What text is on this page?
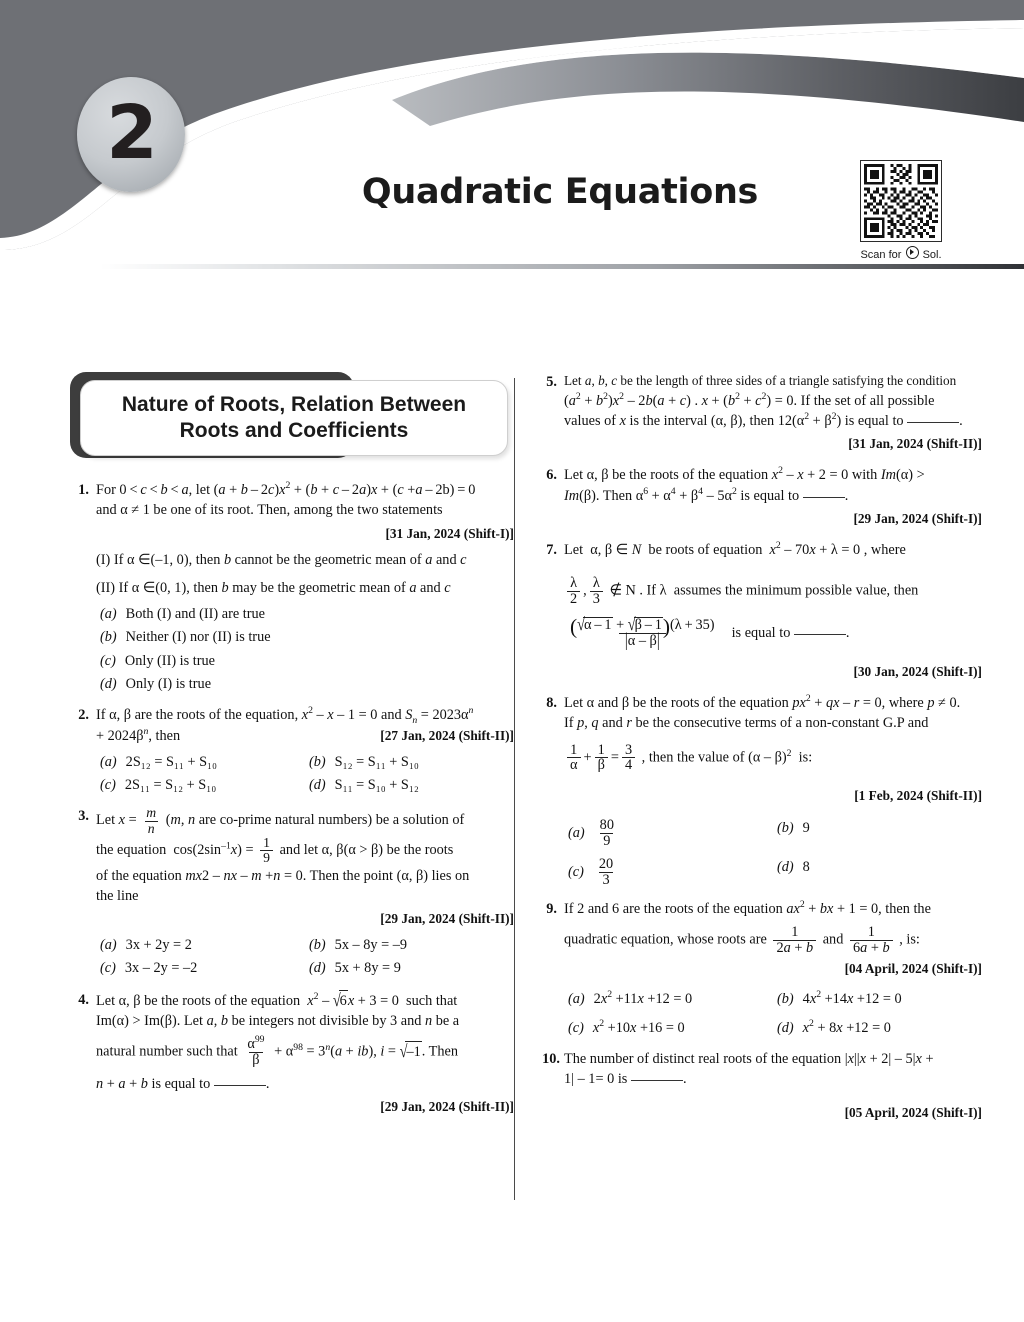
2
Quadratic Equations
Scan for Sol.
Nature of Roots, Relation Between
Roots and Coefficients
1. For 0 < c < b < a, let $(a + b - 2c)x^2 + (b + c - 2a)x + (c +a - 2b) = 0$
and α ≠ 1 be one of its root. Then, among the two statements
[31 Jan, 2024 (Shift-I)]
(I) If α ∈(–1, 0), then b cannot be the geometric mean of a and c
(II) If α ∈(0, 1), then b may be the geometric mean of a and c
(a) Both (I) and (II) are true
(b) Neither (I) nor (II) is true
(c) Only (II) is true
(d) Only (I) is true
2. If α, β are the roots of the equation, $x^2 - x - 1 = 0$ and $S_n = 2023\alpha^n$
+ $2024\beta^n$, then	[27 Jan, 2024 (Shift-II)]
(a) 2S₁₂ = S₁₁ + S₁₀	(b) S₁₂ = S₁₁ + S₁₀
(c) 2S₁₁ = S₁₂ + S₁₀	(d) S₁₁ = S₁₀ + S₁₂
3. Let $x = \frac{m}{n} (m$, n are co-prime natural numbers) be a solution of
the equation  $\cos(2\sin^{-1}x) = \frac{1}{9}$ and let α, β(α > β) be the roots
of the equation mx2 – nx – m +n = 0. Then the point (α, β) lies on
the line
[29 Jan, 2024 (Shift-II)]
(a) 3x + 2y = 2	(b) 5x – 8y = –9
(c) 3x – 2y = –2	(d) 5x + 8y = 9
4. Let α, β be the roots of the equation  $x^2 - √6x + 3 = 0$  such that
Im(α) > Im(β). Let a, b be integers not divisible by 3 and n be a
natural number such that $\frac{\alpha^{99}}{\beta} + \alpha^{98} = 3^n(a + ib)$, i = √–1. Then
n + a + b is equal to	.
[29 Jan, 2024 (Shift-II)]
5. Let a, b, c be the length of three sides of a triangle satisfying the condition
$(a^2 + b^2)x^2 - 2b(a + c)$ . $x + (b^2 + c^2) = 0$. If the set of all possible
values of x is the interval (α, β), then $12(\alpha^2 + \beta^2)$ is equal to	.
[31 Jan, 2024 (Shift-II)]
6. Let α, β be the roots of the equation $x^2 - x + 2 = 0$ with Im(α) >
Im(β). Then $\alpha^6 + \alpha^4 + \beta^4 - 5\alpha^2$ is equal to	.
[29 Jan, 2024 (Shift-I)]
7. Let  α, β ∈ N  be roots of equation  $x^2 - 70x + \lambda = 0$ , where
$\frac{\lambda}{2}$ , $\frac{\lambda}{3}$ ∉ N . If λ  assumes the minimum possible value, then
$\frac{(√\alpha - 1 + √\beta - 1)(\lambda + 35)}{|\alpha - \beta|}$ is equal to	.
[30 Jan, 2024 (Shift-I)]
8. Let α and β be the roots of the equation $px^2$ + qx – r = 0, where p ≠ 0.
If p, q and r be the consecutive terms of a non-constant G.P and
$\frac{1}{\alpha} + \frac{1}{\beta} = \frac{3}{4}$ , then the value of (α – β)$^2$  is:
[1 Feb, 2024 (Shift-II)]
$(a) \frac{80}{9}$	(b) 9
$(c) \frac{20}{3}$	(d) 8
9. If 2 and 6 are the roots of the equation $ax^2$ + bx + 1 = 0, then the
quadratic equation, whose roots are $\frac{1}{2a + b}$ and $\frac{1}{6a + b}$ , is:
[04 April, 2024 (Shift-I)]
(a) $2x^2 +11x +12 = 0$	(b) $4x^2 +14x +12 = 0$
(c) $x^2 +10x +16 = 0$	(d) $x^2 + 8x +12 = 0$
10. The number of distinct real roots of the equation |x||x + 2| – 5|x +
1| – 1= 0 is	.
[05 April, 2024 (Shift-I)]
